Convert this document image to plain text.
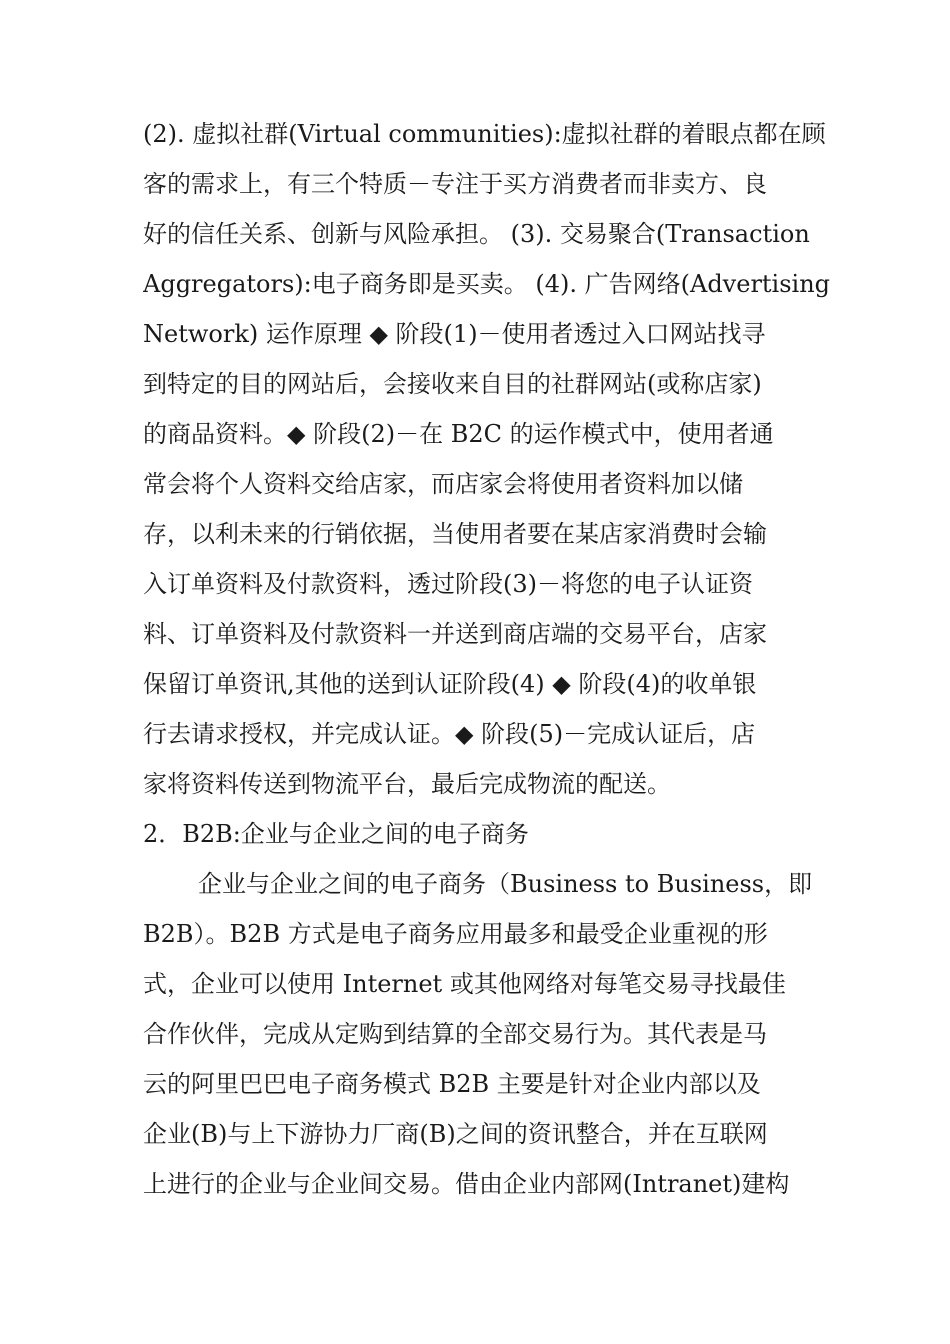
(2). 虚拟社群(Virtual communities):虚拟社群的着眼点都在顾
客的需求上，有三个特质－专注于买方消费者而非卖方、良
好的信任关系、创新与风险承担。 (3). 交易聚合(Transaction
Aggregators):电子商务即是买卖。 (4). 广告网络(Advertising
Network) 运作原理 ◆ 阶段(1)－使用者透过入口网站找寻
到特定的目的网站后，会接收来自目的社群网站(或称店家)
的商品资料。◆ 阶段(2)－在 B2C 的运作模式中，使用者通
常会将个人资料交给店家，而店家会将使用者资料加以储
存，以利未来的行销依据，当使用者要在某店家消费时会输
入订单资料及付款资料，透过阶段(3)－将您的电子认证资
料、订单资料及付款资料一并送到商店端的交易平台，店家
保留订单资讯,其他的送到认证阶段(4) ◆ 阶段(4)的收单银
行去请求授权，并完成认证。◆ 阶段(5)－完成认证后，店
家将资料传送到物流平台，最后完成物流的配送。
2．B2B:企业与企业之间的电子商务
企业与企业之间的电子商务（Business to Business，即
B2B）。B2B 方式是电子商务应用最多和最受企业重视的形
式，企业可以使用 Internet 或其他网络对每笔交易寻找最佳
合作伙伴，完成从定购到结算的全部交易行为。其代表是马
云的阿里巴巴电子商务模式 B2B 主要是针对企业内部以及
企业(B)与上下游协力厂商(B)之间的资讯整合，并在互联网
上进行的企业与企业间交易。借由企业内部网(Intranet)建构
